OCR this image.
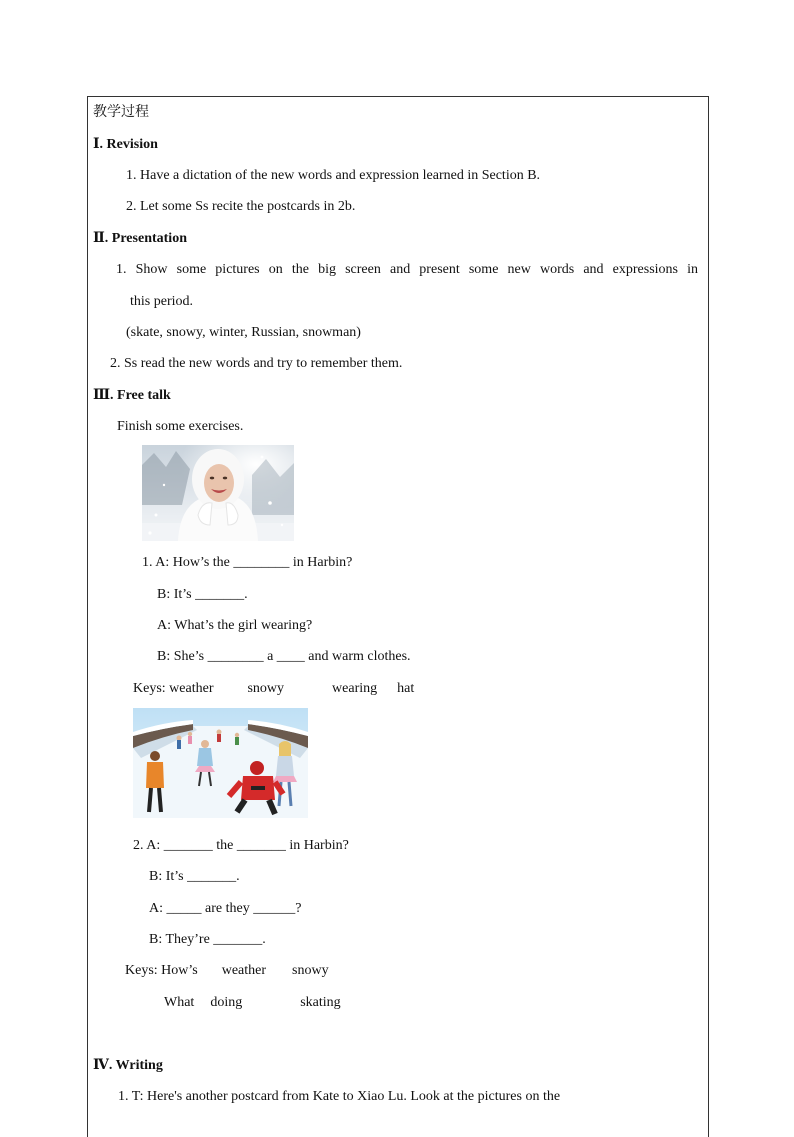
教学过程
Ⅰ. Revision
1. Have a dictation of the new words and expression learned in Section B.
2. Let some Ss recite the postcards in 2b.
Ⅱ. Presentation
1. Show some pictures on the big screen and present some new words and expressions in
this period.
(skate, snowy, winter, Russian, snowman)
2. Ss read the new words and try to remember them.
Ⅲ. Free talk
Finish some exercises.
1. A: How’s the ________ in Harbin?
B: It’s _______.
A: What’s the girl wearing?
B: She’s ________ a ____ and warm clothes.
Keys: weather snowy	wearing hat
2. A: _______ the _______ in Harbin?
B: It’s _______.
A: _____ are they ______?
B: They’re _______.
Keys: How’s weather snowy
What doing	skating
Ⅳ. Writing
1. T: Here's another postcard from Kate to Xiao Lu. Look at the pictures on the
